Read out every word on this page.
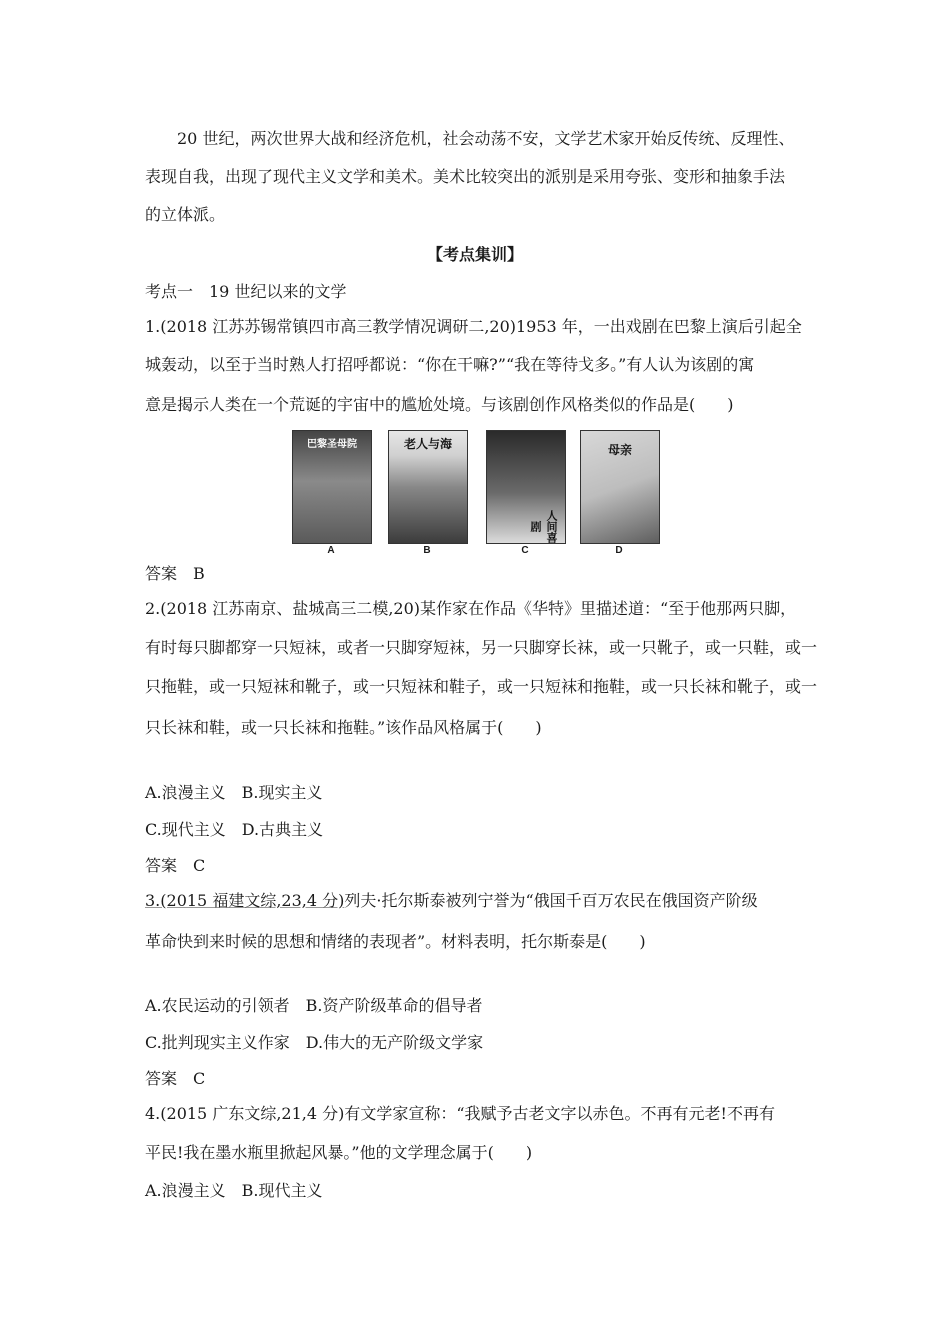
20 世纪，两次世界大战和经济危机，社会动荡不安，文学艺术家开始反传统、反理性、
表现自我，出现了现代主义文学和美术。美术比较突出的派别是采用夸张、变形和抽象手法
的立体派。
【考点集训】
考点一　19 世纪以来的文学
1.(2018 江苏苏锡常镇四市高三教学情况调研二,20)1953 年，一出戏剧在巴黎上演后引起全
城轰动，以至于当时熟人打招呼都说：“你在干嘛?”“我在等待戈多。”有人认为该剧的寓
意是揭示人类在一个荒诞的宇宙中的尴尬处境。与该剧创作风格类似的作品是(　　)
巴黎圣母院
A
老人与海
B
人间喜剧
C
母亲
D
答案　B
2.(2018 江苏南京、盐城高三二模,20)某作家在作品《华特》里描述道：“至于他那两只脚，
有时每只脚都穿一只短袜，或者一只脚穿短袜，另一只脚穿长袜，或一只靴子，或一只鞋，或一
只拖鞋，或一只短袜和靴子，或一只短袜和鞋子，或一只短袜和拖鞋，或一只长袜和靴子，或一
只长袜和鞋，或一只长袜和拖鞋。”该作品风格属于(　　)
A.浪漫主义　B.现实主义
C.现代主义　D.古典主义
答案　C
3.(2015 福建文综,23,4 分)列夫·托尔斯泰被列宁誉为“俄国千百万农民在俄国资产阶级
革命快到来时候的思想和情绪的表现者”。材料表明，托尔斯泰是(　　)
A.农民运动的引领者　B.资产阶级革命的倡导者
C.批判现实主义作家　D.伟大的无产阶级文学家
答案　C
4.(2015 广东文综,21,4 分)有文学家宣称：“我赋予古老文字以赤色。不再有元老!不再有
平民!我在墨水瓶里掀起风暴。”他的文学理念属于(　　)
A.浪漫主义　B.现代主义
